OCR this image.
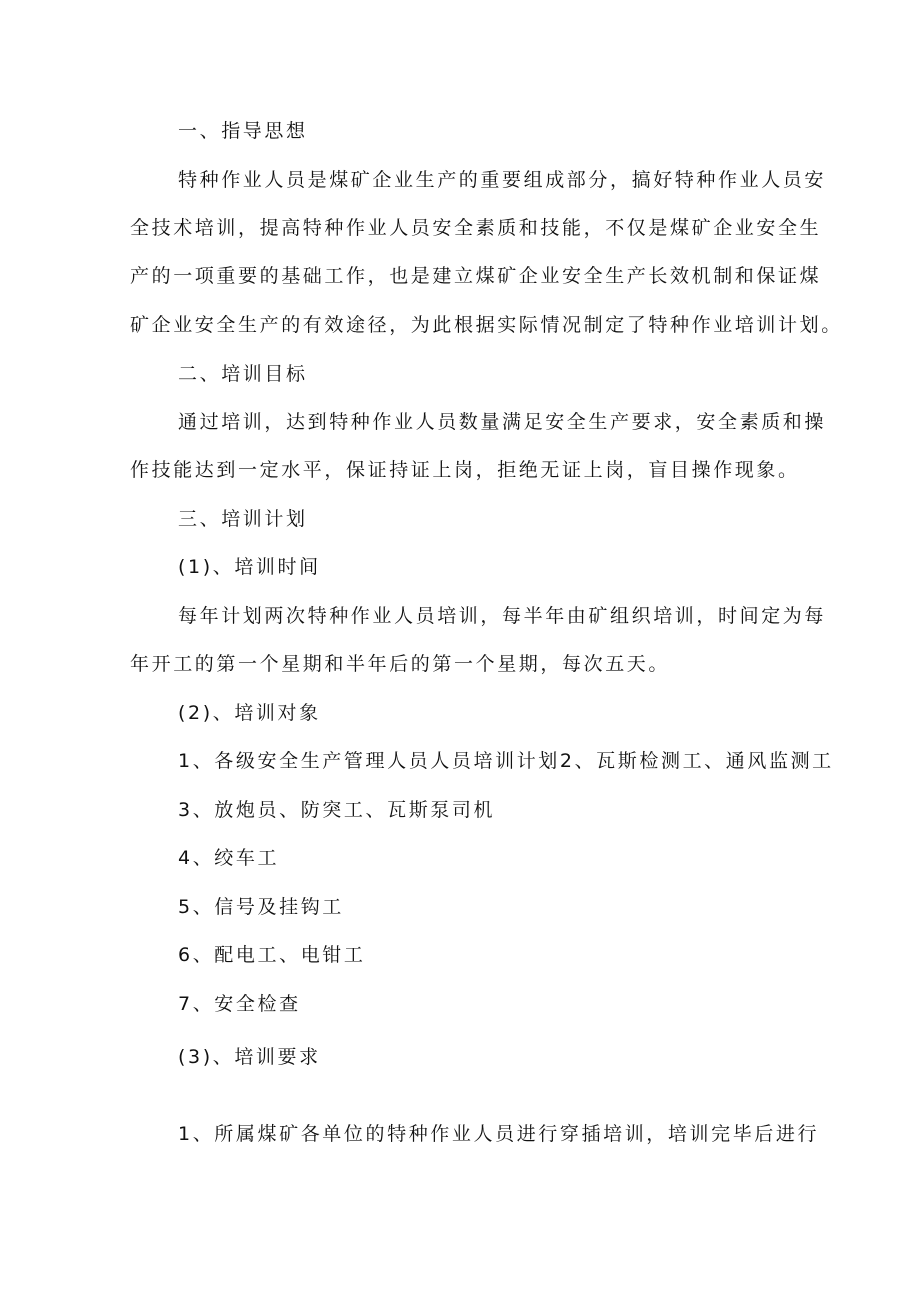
一、指导思想

特种作业人员是煤矿企业生产的重要组成部分，搞好特种作业人员安

全技术培训，提高特种作业人员安全素质和技能，不仅是煤矿企业安全生

产的一项重要的基础工作，也是建立煤矿企业安全生产长效机制和保证煤

矿企业安全生产的有效途径，为此根据实际情况制定了特种作业培训计划。

二、培训目标

通过培训，达到特种作业人员数量满足安全生产要求，安全素质和操

作技能达到一定水平，保证持证上岗，拒绝无证上岗，盲目操作现象。

三、培训计划

(1)、培训时间

每年计划两次特种作业人员培训，每半年由矿组织培训，时间定为每

年开工的第一个星期和半年后的第一个星期，每次五天。

(2)、培训对象

1、各级安全生产管理人员人员培训计划2、瓦斯检测工、通风监测工

3、放炮员、防突工、瓦斯泵司机

4、绞车工

5、信号及挂钩工

6、配电工、电钳工

7、安全检查

(3)、培训要求

1、所属煤矿各单位的特种作业人员进行穿插培训，培训完毕后进行
